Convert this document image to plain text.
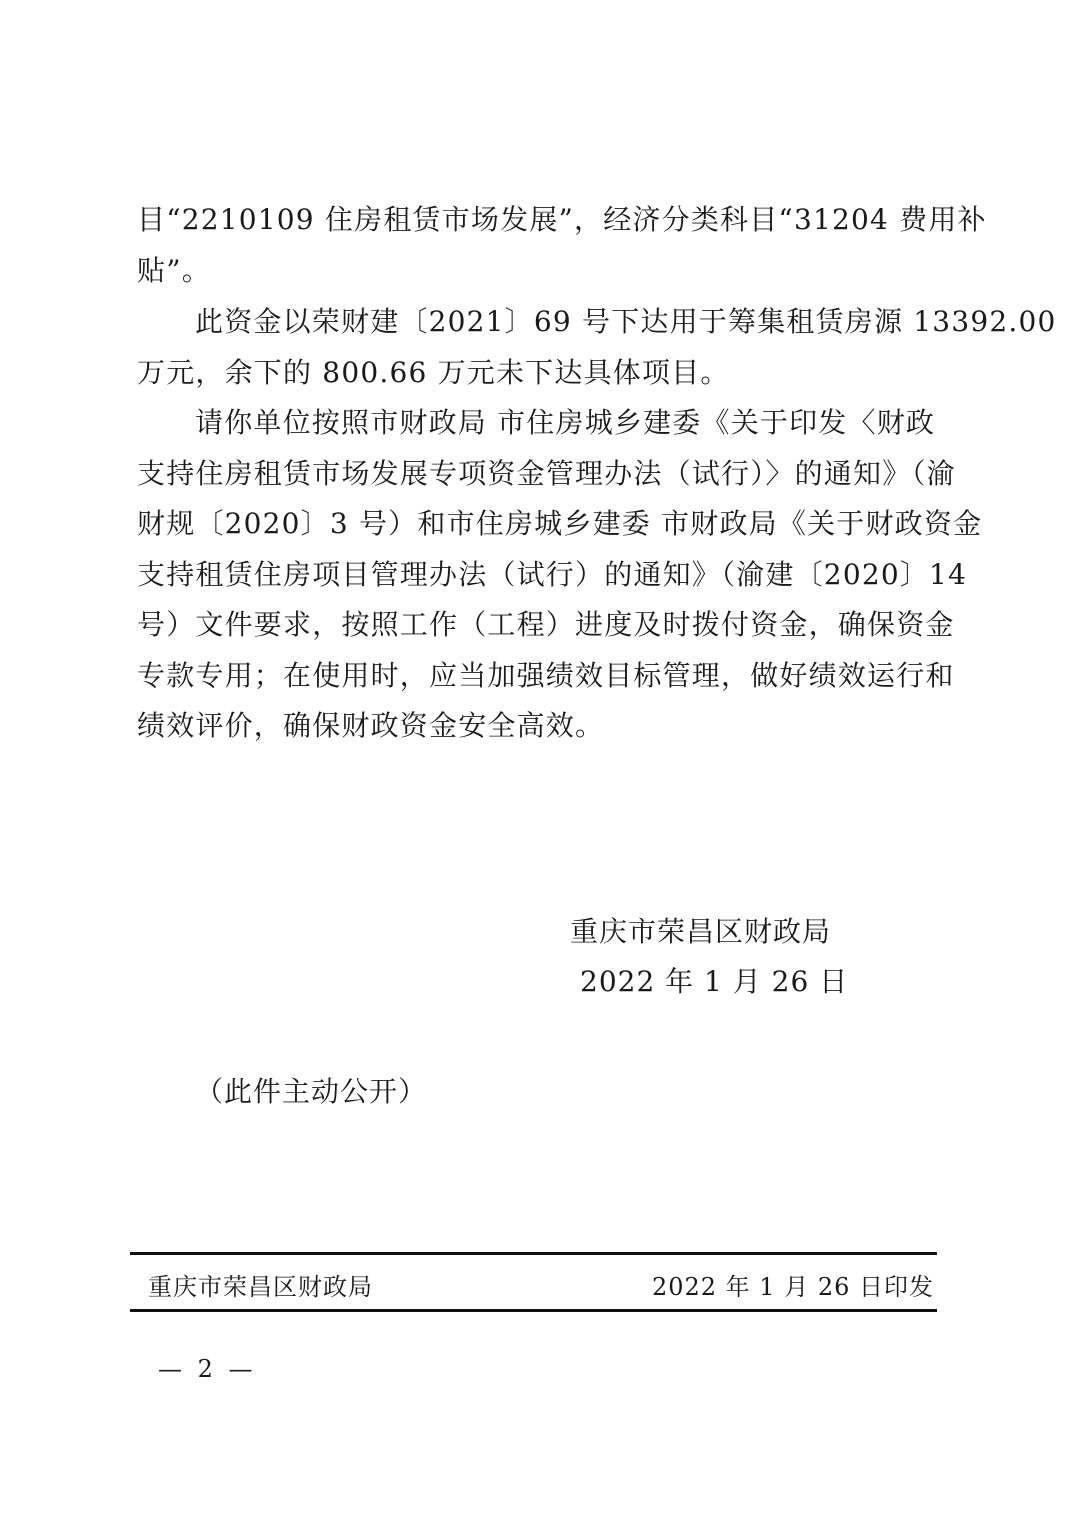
目“2210109 住房租赁市场发展”，经济分类科目“31204 费用补
贴”。

此资金以荣财建〔2021〕69 号下达用于筹集租赁房源 13392.00
万元，余下的 800.66 万元未下达具体项目。

请你单位按照市财政局 市住房城乡建委《关于印发〈财政
支持住房租赁市场发展专项资金管理办法（试行）〉的通知》（渝
财规〔2020〕3 号）和市住房城乡建委 市财政局《关于财政资金
支持租赁住房项目管理办法（试行）的通知》（渝建〔2020〕14
号）文件要求，按照工作（工程）进度及时拨付资金，确保资金
专款专用；在使用时，应当加强绩效目标管理，做好绩效运行和
绩效评价，确保财政资金安全高效。

重庆市荣昌区财政局
2022 年 1 月 26 日
（此件主动公开）
重庆市荣昌区财政局	2022 年 1 月 26 日印发
— 2 —
